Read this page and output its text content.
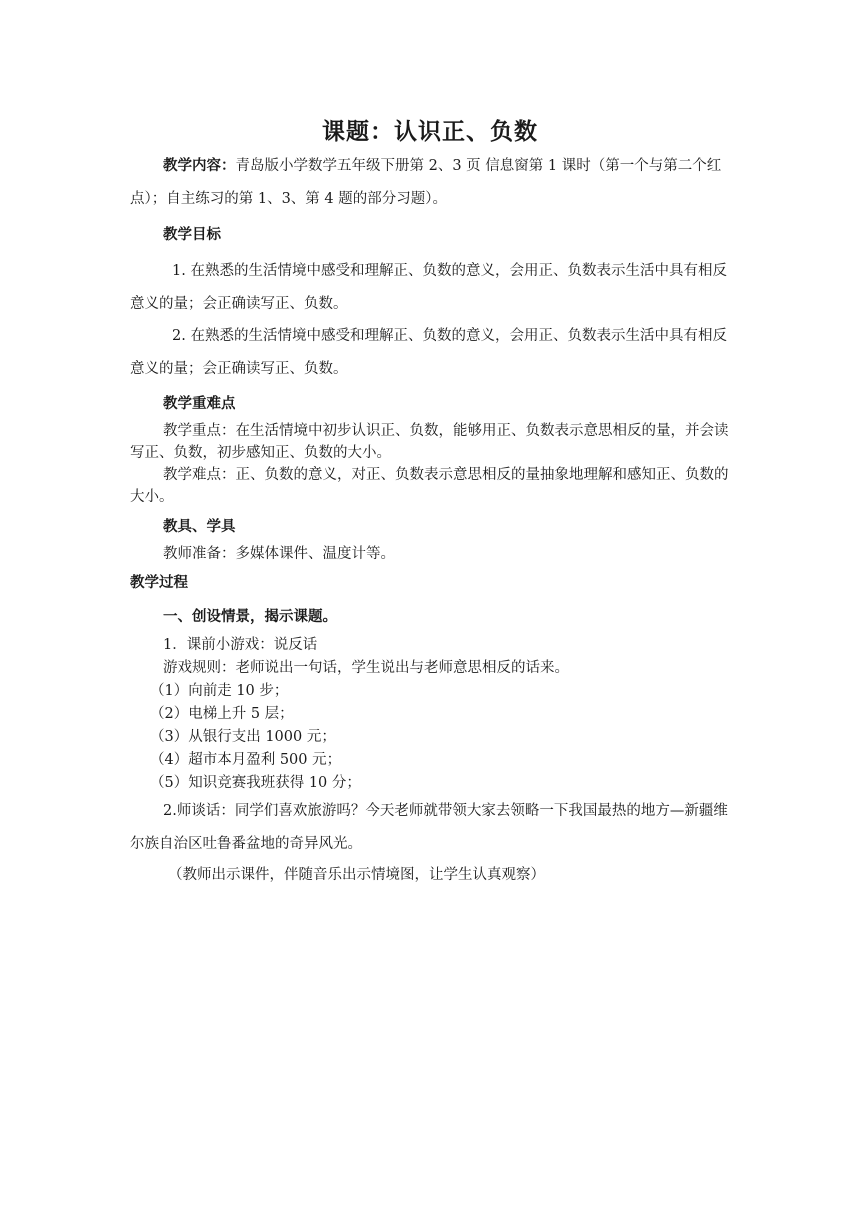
课题：认识正、负数
教学内容：青岛版小学数学五年级下册第 2、3 页 信息窗第 1 课时（第一个与第二个红点）；自主练习的第 1、3、第 4 题的部分习题）。
教学目标
1. 在熟悉的生活情境中感受和理解正、负数的意义，会用正、负数表示生活中具有相反意义的量；会正确读写正、负数。
2. 在熟悉的生活情境中感受和理解正、负数的意义，会用正、负数表示生活中具有相反意义的量；会正确读写正、负数。
教学重难点
教学重点：在生活情境中初步认识正、负数，能够用正、负数表示意思相反的量，并会读写正、负数，初步感知正、负数的大小。
教学难点：正、负数的意义，对正、负数表示意思相反的量抽象地理解和感知正、负数的大小。
教具、学具
教师准备：多媒体课件、温度计等。
教学过程
一、创设情景，揭示课题。
1．课前小游戏：说反话
游戏规则：老师说出一句话，学生说出与老师意思相反的话来。
（1）向前走 10 步；
（2）电梯上升 5 层；
（3）从银行支出 1000 元；
（4）超市本月盈利 500 元；
（5）知识竞赛我班获得 10 分；
2.师谈话：同学们喜欢旅游吗？今天老师就带领大家去领略一下我国最热的地方—新疆维尔族自治区吐鲁番盆地的奇异风光。
（教师出示课件，伴随音乐出示情境图，让学生认真观察）
